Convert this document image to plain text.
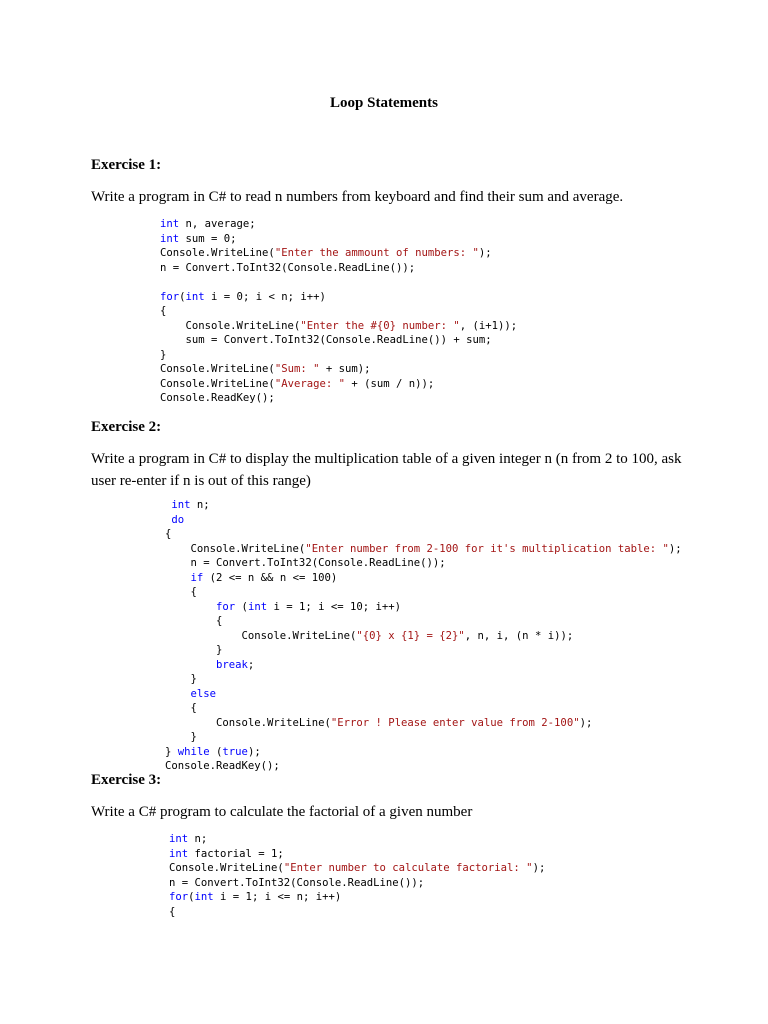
Loop Statements
Exercise 1:

Write a program in C# to read n numbers from keyboard and find their sum and average.

int n, average;
int sum = 0;
Console.WriteLine("Enter the ammount of numbers: ");
n = Convert.ToInt32(Console.ReadLine());
for(int i = 0; i < n; i++)
{
Console.WriteLine("Enter the #{0} number: ", (i+1));
sum = Convert.ToInt32(Console.ReadLine()) + sum;
}
Console.WriteLine("Sum: " + sum);
Console.WriteLine("Average: " + (sum / n));
Console.ReadKey();
Exercise 2:

Write a program in C# to display the multiplication table of a given integer n (n from 2 to 100, ask user re-enter if n is out of this range)

int n;
do
{
Console.WriteLine("Enter number from 2-100 for it's multiplication table: ");
n = Convert.ToInt32(Console.ReadLine());
if (2 <= n && n <= 100)
{
for (int i = 1; i <= 10; i++)
{
Console.WriteLine("{0} x {1} = {2}", n, i, (n * i));
}
break;
}
else
{
Console.WriteLine("Error ! Please enter value from 2-100");
}
} while (true);
Console.ReadKey();
Exercise 3:

Write a C# program to calculate the factorial of a given number

int n;
int factorial = 1;
Console.WriteLine("Enter number to calculate factorial: ");
n = Convert.ToInt32(Console.ReadLine());
for(int i = 1; i <= n; i++)
{
